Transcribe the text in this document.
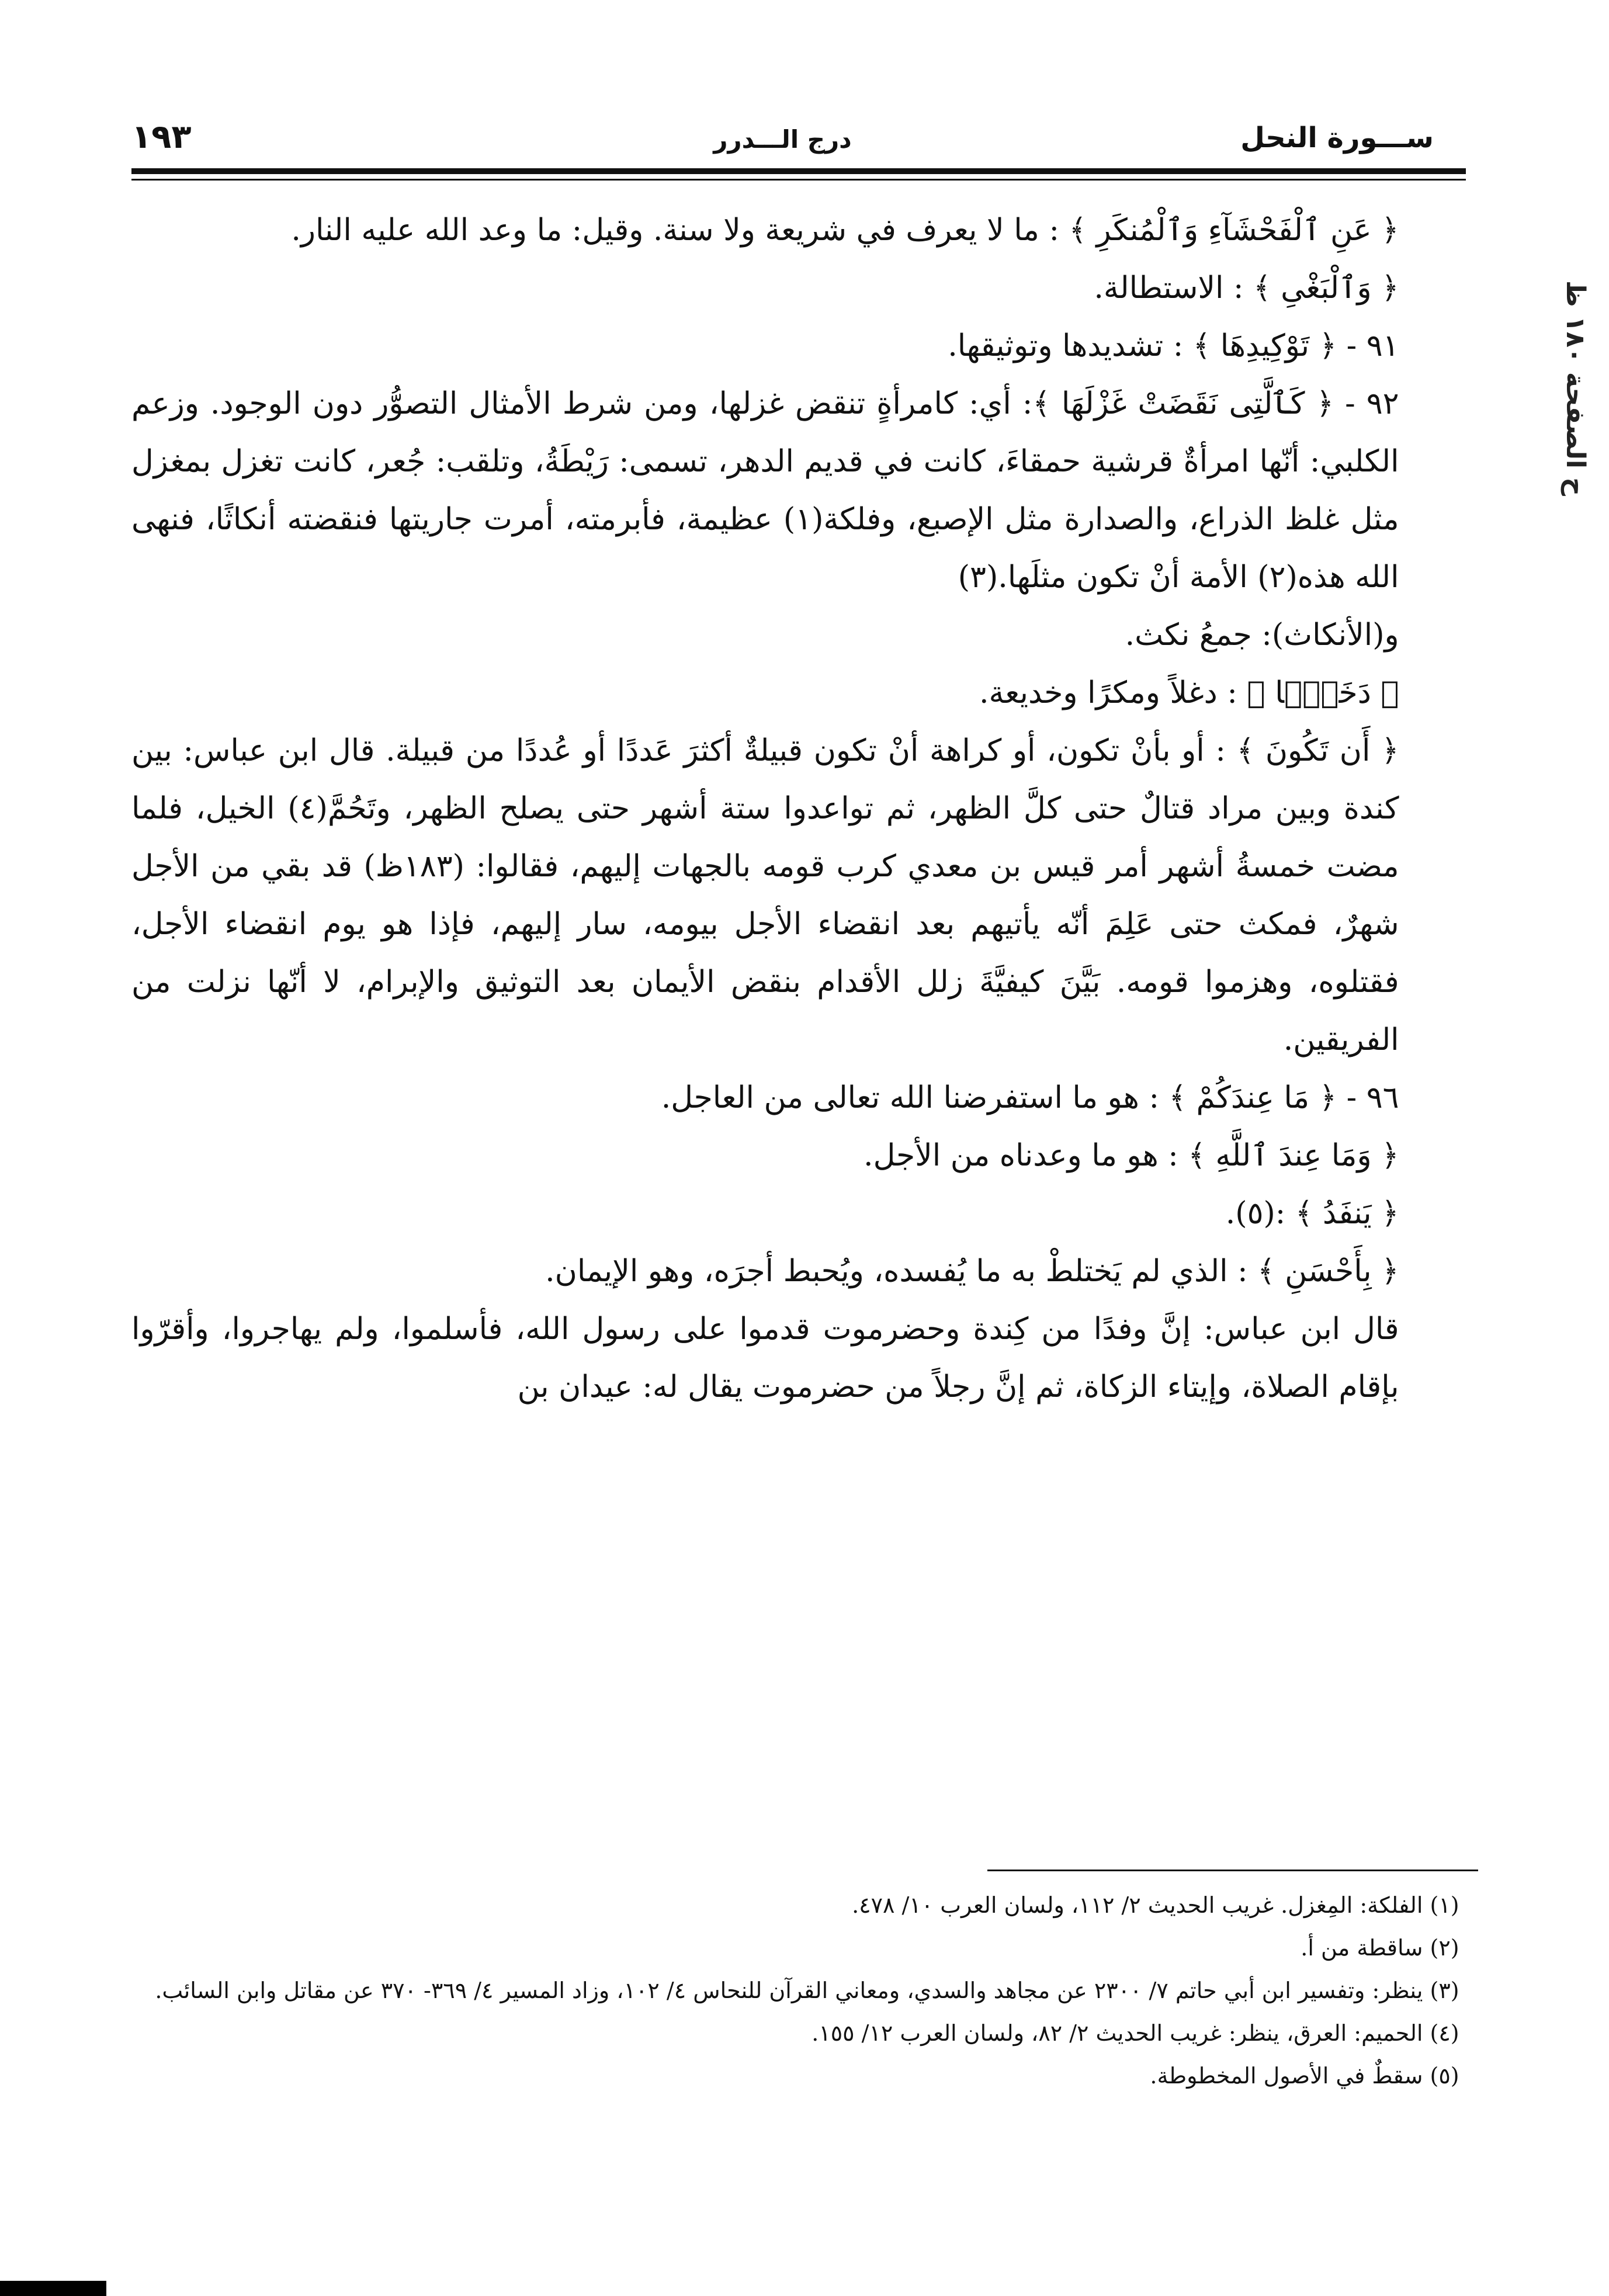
ســـورة النحل
درج الـــدرر
١٩٣
ح الصفحة ١٨٠ ظ

﴿ عَنِ ٱلْفَحْشَآءِ وَٱلْمُنكَرِ ﴾ : ما لا يعرف في شريعة ولا سنة. وقيل: ما وعد الله عليه النار.

﴿ وَٱلْبَغْىِ ﴾ : الاستطالة.

٩١ - ﴿ تَوْكِيدِهَا ﴾ : تشديدها وتوثيقها.

٩٢ - ﴿ كَٱلَّتِى نَقَضَتْ غَزْلَهَا ﴾: أي: كامرأةٍ تنقض غزلها، ومن شرط الأمثال التصوُّر دون الوجود. وزعم الكلبي: أنّها امرأةٌ قرشية حمقاءَ، كانت في قديم الدهر، تسمى: رَيْطَةُ، وتلقب: جُعر، كانت تغزل بمغزل مثل غلظ الذراع، والصدارة مثل الإصبع، وفلكة(١) عظيمة، فأبرمته، أمرت جاريتها فنقضته أنكاثًا، فنهى الله هذه(٢) الأمة أنْ تكون مثلَها.(٣)

و(الأنكاث): جمعُ نكث.

﴿ دَخَلًۢا ﴾ : دغلاً ومكرًا وخديعة.

﴿ أَن تَكُونَ ﴾ : أو بأنْ تكون، أو كراهة أنْ تكون قبيلةٌ أكثرَ عَددًا أو عُددًا من قبيلة. قال ابن عباس: بين كندة وبين مراد قتالٌ حتى كلَّ الظهر، ثم تواعدوا ستة أشهر حتى يصلح الظهر، وتَحُمَّ(٤) الخيل، فلما مضت خمسةُ أشهر أمر قيس بن معدي كرب قومه بالجهات إليهم، فقالوا: (١٨٣ظ) قد بقي من الأجل شهرٌ، فمكث حتى عَلِمَ أنّه يأتيهم بعد انقضاء الأجل بيومه، سار إليهم، فإذا هو يوم انقضاء الأجل، فقتلوه، وهزموا قومه. بَيَّنَ كيفيَّةَ زلل الأقدام بنقض الأيمان بعد التوثيق والإبرام، لا أنّها نزلت من الفريقين.

٩٦ - ﴿ مَا عِندَكُمْ ﴾ : هو ما استفرضنا الله تعالى من العاجل.

﴿ وَمَا عِندَ ٱللَّهِ ﴾ : هو ما وعدناه من الأجل.

﴿ يَنفَدُ ﴾ :(٥).

﴿ بِأَحْسَنِ ﴾ : الذي لم يَختلطْ به ما يُفسده، ويُحبط أجرَه، وهو الإيمان.

قال ابن عباس: إنَّ وفدًا من كِندة وحضرموت قدموا على رسول الله، فأسلموا، ولم يهاجروا، وأقرّوا بإقام الصلاة، وإيتاء الزكاة، ثم إنَّ رجلاً من حضرموت يقال له: عيدان بن

(١) الفلكة: المِغزل. غريب الحديث ٢/ ١١٢، ولسان العرب ١٠/ ٤٧٨.

(٢) ساقطة من أ.

(٣) ينظر: وتفسير ابن أبي حاتم ٧/ ٢٣٠٠ عن مجاهد والسدي، ومعاني القرآن للنحاس ٤/ ١٠٢، وزاد المسير ٤/ ٣٦٩- ٣٧٠ عن مقاتل وابن السائب.

(٤) الحميم: العرق، ينظر: غريب الحديث ٢/ ٨٢، ولسان العرب ١٢/ ١٥٥.

(٥) سقطٌ في الأصول المخطوطة.
